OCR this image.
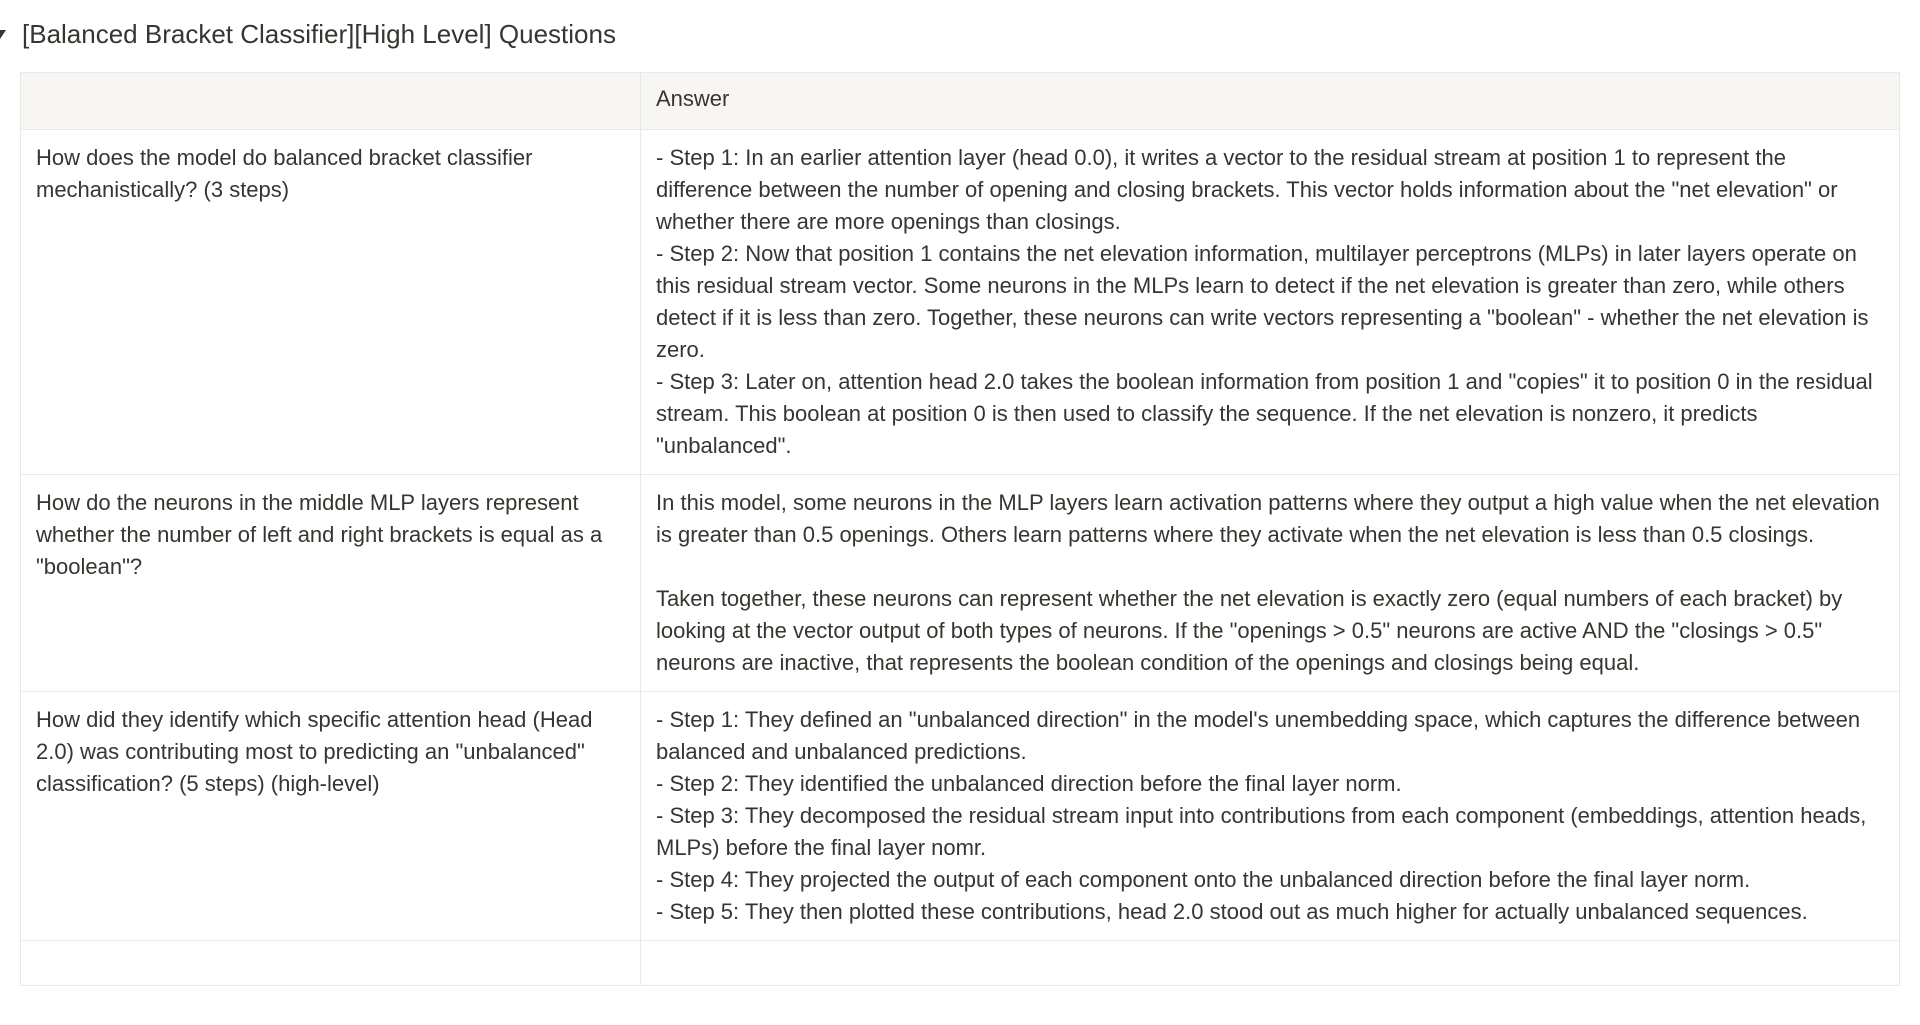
[Balanced Bracket Classifier][High Level] Questions
	Answer
How does the model do balanced bracket classifier mechanistically? (3 steps)	- Step 1: In an earlier attention layer (head 0.0), it writes a vector to the residual stream at position 1 to represent the difference between the number of opening and closing brackets. This vector holds information about the "net elevation" or whether there are more openings than closings.
- Step 2: Now that position 1 contains the net elevation information, multilayer perceptrons (MLPs) in later layers operate on this residual stream vector. Some neurons in the MLPs learn to detect if the net elevation is greater than zero, while others detect if it is less than zero. Together, these neurons can write vectors representing a "boolean" - whether the net elevation is zero.
- Step 3: Later on, attention head 2.0 takes the boolean information from position 1 and "copies" it to position 0 in the residual stream. This boolean at position 0 is then used to classify the sequence. If the net elevation is nonzero, it predicts "unbalanced".

How do the neurons in the middle MLP layers represent whether the number of left and right brackets is equal as a "boolean"?	In this model, some neurons in the MLP layers learn activation patterns where they output a high value when the net elevation is greater than 0.5 openings. Others learn patterns where they activate when the net elevation is less than 0.5 closings.
Taken together, these neurons can represent whether the net elevation is exactly zero (equal numbers of each bracket) by looking at the vector output of both types of neurons. If the "openings > 0.5" neurons are active AND the "closings > 0.5" neurons are inactive, that represents the boolean condition of the openings and closings being equal.

How did they identify which specific attention head (Head 2.0) was contributing most to predicting an "unbalanced" classification? (5 steps) (high-level)	- Step 1: They defined an "unbalanced direction" in the model's unembedding space, which captures the difference between balanced and unbalanced predictions.
- Step 2: They identified the unbalanced direction before the final layer norm.
- Step 3: They decomposed the residual stream input into contributions from each component (embeddings, attention heads, MLPs) before the final layer nomr.
- Step 4: They projected the output of each component onto the unbalanced direction before the final layer norm.
- Step 5: They then plotted these contributions, head 2.0 stood out as much higher for actually unbalanced sequences.
